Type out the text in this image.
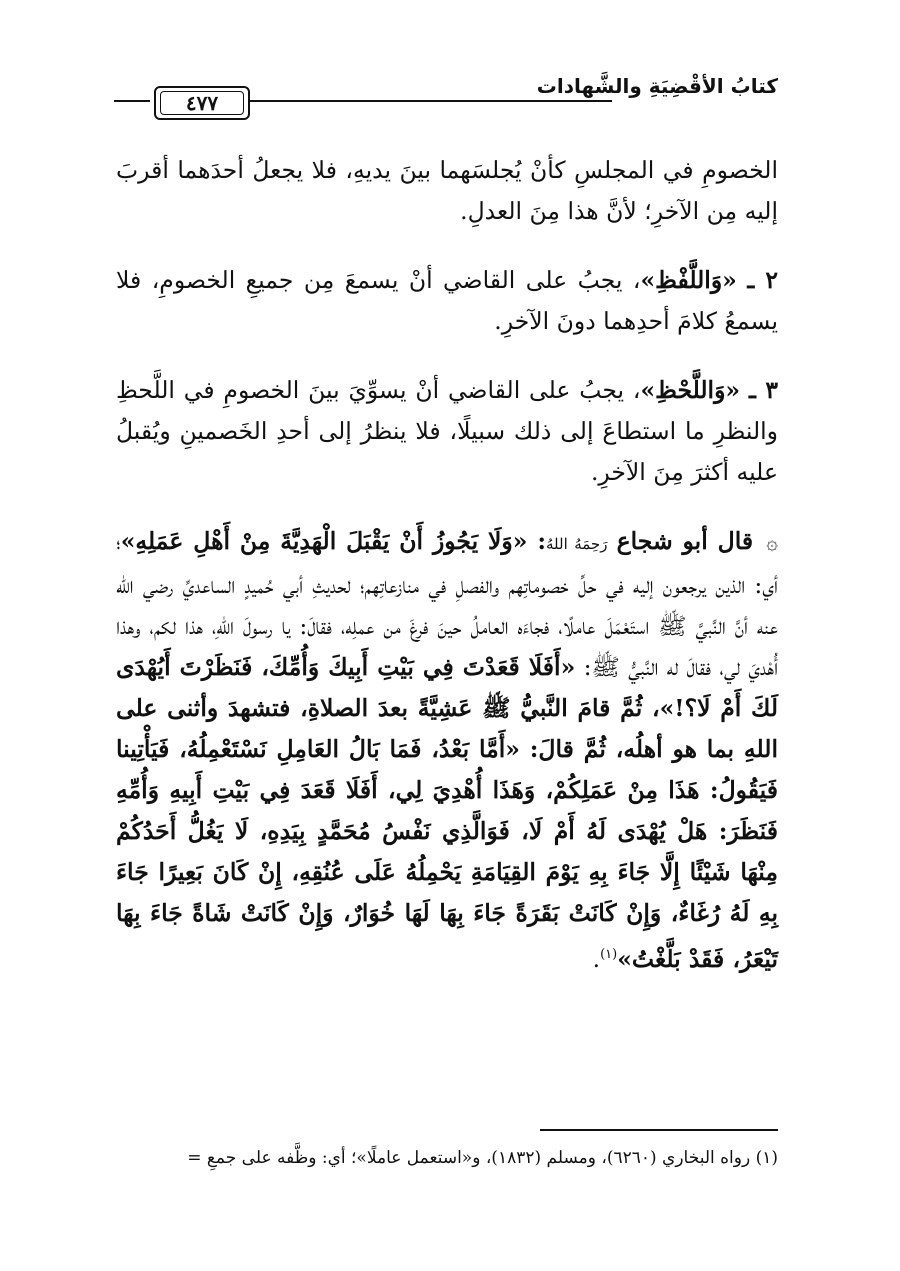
كتابُ الأقْضِيَةِ والشَّهادات
٤٧٧

الخصومِ في المجلسِ كأنْ يُجلسَهما بينَ يديهِ، فلا يجعلُ أحدَهما أقربَ إليه مِن الآخرِ؛ لأنَّ هذا مِنَ العدلِ.

٢ ـ «وَاللَّفْظِ»، يجبُ على القاضي أنْ يسمعَ مِن جميعِ الخصومِ، فلا يسمعُ كلامَ أحدِهما دونَ الآخرِ.

٣ ـ «وَاللَّحْظِ»، يجبُ على القاضي أنْ يسوِّيَ بينَ الخصومِ في اللَّحظِ والنظرِ ما استطاعَ إلى ذلك سبيلًا، فلا ينظرُ إلى أحدِ الخَصمينِ ويُقبلُ عليه أكثرَ مِنَ الآخرِ.

۞ قال أبو شجاع رَحِمَهُ اللهُ: «وَلَا يَجُوزُ أَنْ يَقْبَلَ الْهَدِيَّةَ مِنْ أَهْلِ عَمَلِهِ»؛ أي: الذين يرجعون إليه في حلِّ خصوماتِهم والفصلِ في منازعاتِهم؛ لحديثِ أبي حُميدٍ الساعديِّ رضي الله عنه أنَّ النَّبيَّ ﷺ استَعْمَلَ عاملًا، فجاءَه العاملُ حينَ فرغَ من عملِه، فقالَ: يا رسولَ اللهِ، هذا لكم، وهذا أُهْديَ لي، فقالَ له النَّبيُّ ﷺ: «أَفَلَا قَعَدْتَ فِي بَيْتِ أَبِيكَ وَأُمِّكَ، فَنَظَرْتَ أَيُهْدَى لَكَ أَمْ لَا؟!»، ثُمَّ قامَ النَّبيُّ ﷺ عَشِيَّةً بعدَ الصلاةِ، فتشهدَ وأثنى على اللهِ بما هو أهلُه، ثُمَّ قالَ: «أَمَّا بَعْدُ، فَمَا بَالُ العَامِلِ نَسْتَعْمِلُهُ، فَيَأْتِينا فَيَقُولُ: هَذَا مِنْ عَمَلِكُمْ، وَهَذَا أُهْدِيَ لِي، أَفَلَا قَعَدَ فِي بَيْتِ أَبِيهِ وَأُمِّهِ فَنَظَرَ: هَلْ يُهْدَى لَهُ أَمْ لَا، فَوَالَّذِي نَفْسُ مُحَمَّدٍ بِيَدِهِ، لَا يَغُلُّ أَحَدُكُمْ مِنْهَا شَيْئًا إِلَّا جَاءَ بِهِ يَوْمَ القِيَامَةِ يَحْمِلُهُ عَلَى عُنُقِهِ، إِنْ كَانَ بَعِيرًا جَاءَ بِهِ لَهُ رُغَاءٌ، وَإِنْ كَانَتْ بَقَرَةً جَاءَ بِهَا لَهَا خُوَارٌ، وَإِنْ كَانَتْ شَاةً جَاءَ بِهَا تَيْعَرُ، فَقَدْ بَلَّغْتُ»$^{(١)}$.

(١) رواه البخاري (٦٢٦٠)، ومسلم (١٨٣٢)، و«استعمل عاملًا»؛ أي: وظَّفه على جمعِ =
